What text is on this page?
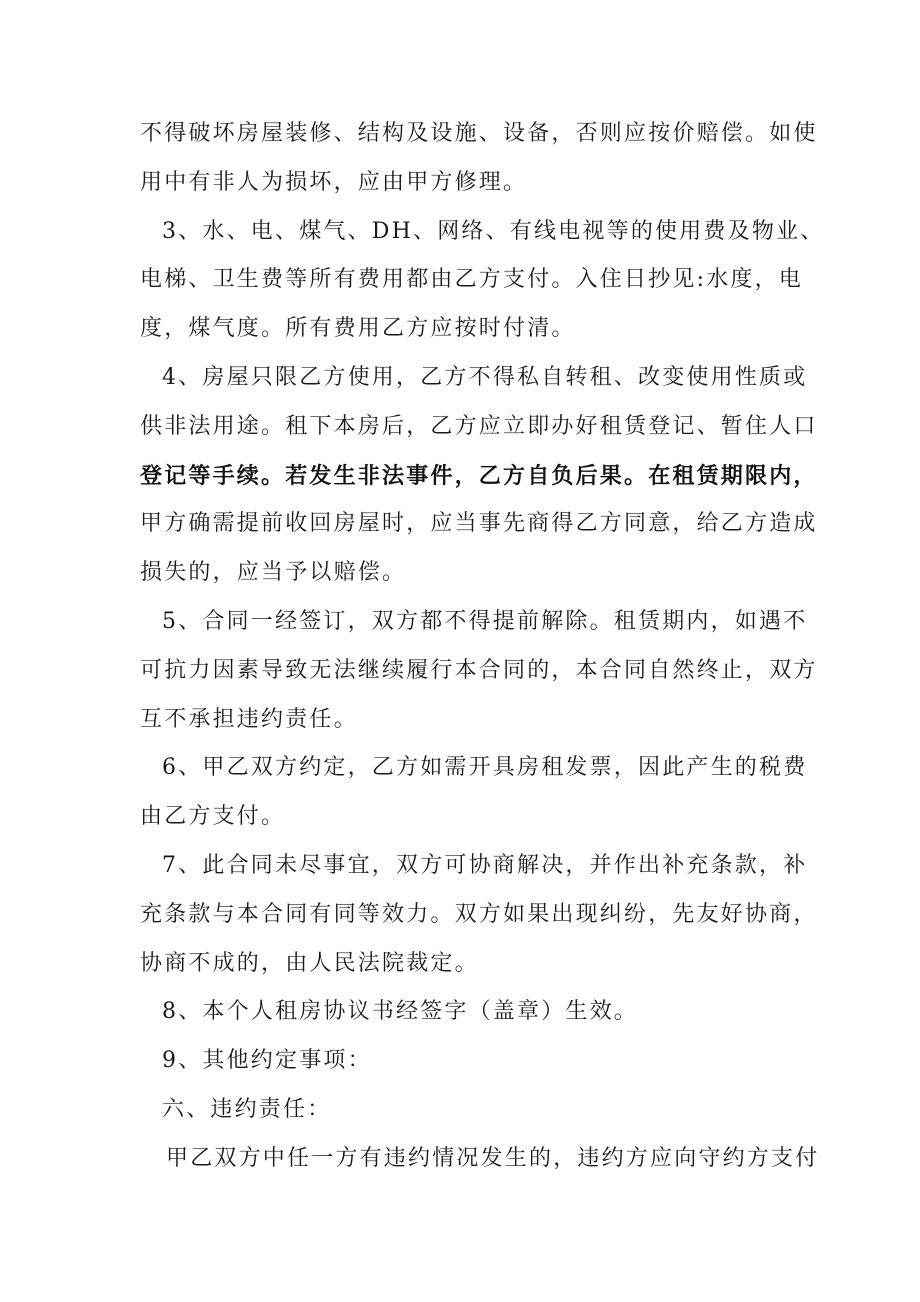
不得破坏房屋装修、结构及设施、设备，否则应按价赔偿。如使
用中有非人为损坏，应由甲方修理。
3、水、电、煤气、DH、网络、有线电视等的使用费及物业、
电梯、卫生费等所有费用都由乙方支付。入住日抄见:水度，电
度，煤气度。所有费用乙方应按时付清。
4、房屋只限乙方使用，乙方不得私自转租、改变使用性质或
供非法用途。租下本房后，乙方应立即办好租赁登记、暂住人口
登记等手续。若发生非法事件，乙方自负后果。在租赁期限内，
甲方确需提前收回房屋时，应当事先商得乙方同意，给乙方造成
损失的，应当予以赔偿。
5、合同一经签订，双方都不得提前解除。租赁期内，如遇不
可抗力因素导致无法继续履行本合同的，本合同自然终止，双方
互不承担违约责任。
6、甲乙双方约定，乙方如需开具房租发票，因此产生的税费
由乙方支付。
7、此合同未尽事宜，双方可协商解决，并作出补充条款，补
充条款与本合同有同等效力。双方如果出现纠纷，先友好协商，
协商不成的，由人民法院裁定。
8、本个人租房协议书经签字（盖章）生效。
9、其他约定事项：
六、违约责任：
甲乙双方中任一方有违约情况发生的，违约方应向守约方支付
